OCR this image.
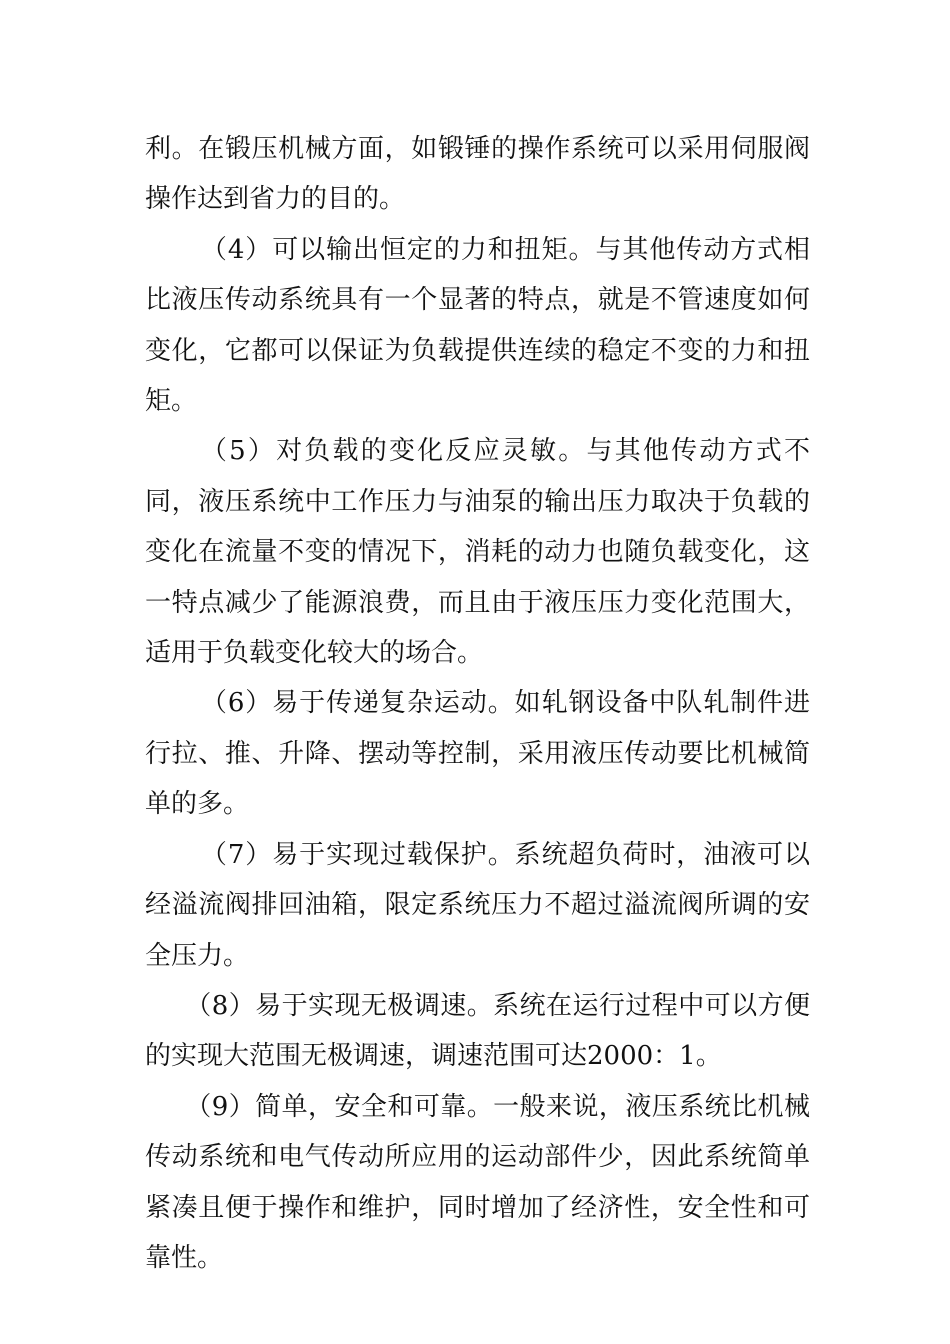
利。在锻压机械方面，如锻锤的操作系统可以采用伺服阀操作达到省力的目的。

（4）可以输出恒定的力和扭矩。与其他传动方式相比液压传动系统具有一个显著的特点，就是不管速度如何变化，它都可以保证为负载提供连续的稳定不变的力和扭矩。

（5）对负载的变化反应灵敏。与其他传动方式不同，液压系统中工作压力与油泵的输出压力取决于负载的变化在流量不变的情况下，消耗的动力也随负载变化，这一特点减少了能源浪费，而且由于液压压力变化范围大，适用于负载变化较大的场合。

（6）易于传递复杂运动。如轧钢设备中队轧制件进行拉、推、升降、摆动等控制，采用液压传动要比机械简单的多。

（7）易于实现过载保护。系统超负荷时，油液可以经溢流阀排回油箱，限定系统压力不超过溢流阀所调的安全压力。

（8）易于实现无极调速。系统在运行过程中可以方便的实现大范围无极调速，调速范围可达2000：1。

（9）简单，安全和可靠。一般来说，液压系统比机械传动系统和电气传动所应用的运动部件少，因此系统简单紧凑且便于操作和维护，同时增加了经济性，安全性和可靠性。
